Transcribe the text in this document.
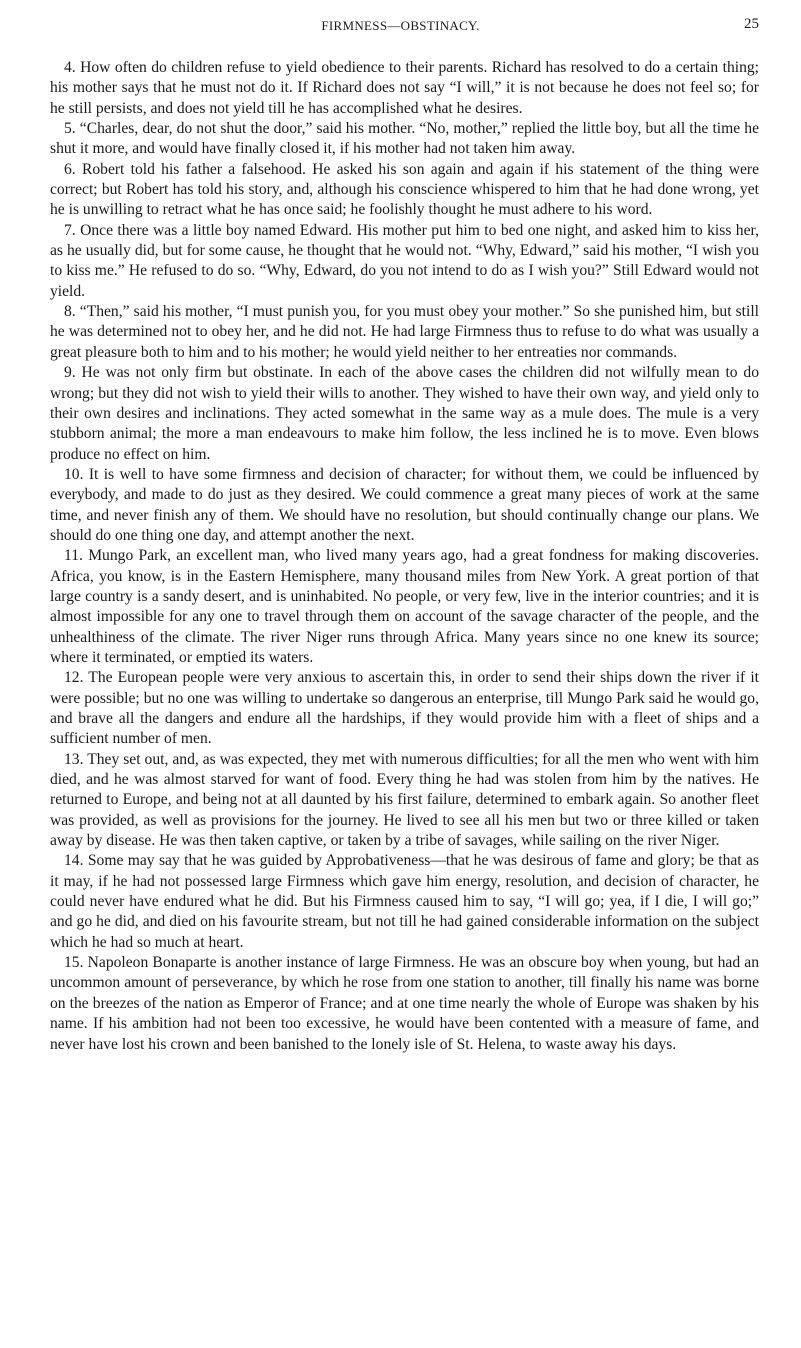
FIRMNESS—OBSTINACY.	25

4. How often do children refuse to yield obedience to their parents. Richard has resolved to do a certain thing; his mother says that he must not do it. If Richard does not say “I will,” it is not because he does not feel so; for he still persists, and does not yield till he has accomplished what he desires.

5. “Charles, dear, do not shut the door,” said his mother. “No, mother,” replied the little boy, but all the time he shut it more, and would have finally closed it, if his mother had not taken him away.

6. Robert told his father a falsehood. He asked his son again and again if his statement of the thing were correct; but Robert has told his story, and, although his conscience whispered to him that he had done wrong, yet he is unwilling to retract what he has once said; he foolishly thought he must adhere to his word.

7. Once there was a little boy named Edward. His mother put him to bed one night, and asked him to kiss her, as he usually did, but for some cause, he thought that he would not. “Why, Edward,” said his mother, “I wish you to kiss me.” He refused to do so. “Why, Edward, do you not intend to do as I wish you?” Still Edward would not yield.

8. “Then,” said his mother, “I must punish you, for you must obey your mother.” So she punished him, but still he was determined not to obey her, and he did not. He had large Firmness thus to refuse to do what was usually a great pleasure both to him and to his mother; he would yield neither to her entreaties nor commands.

9. He was not only firm but obstinate. In each of the above cases the children did not wilfully mean to do wrong; but they did not wish to yield their wills to another. They wished to have their own way, and yield only to their own desires and inclinations. They acted somewhat in the same way as a mule does. The mule is a very stubborn animal; the more a man endeavours to make him follow, the less inclined he is to move. Even blows produce no effect on him.

10. It is well to have some firmness and decision of character; for without them, we could be influenced by everybody, and made to do just as they desired. We could commence a great many pieces of work at the same time, and never finish any of them. We should have no resolution, but should continually change our plans. We should do one thing one day, and attempt another the next.

11. Mungo Park, an excellent man, who lived many years ago, had a great fondness for making discoveries. Africa, you know, is in the Eastern Hemisphere, many thousand miles from New York. A great portion of that large country is a sandy desert, and is uninhabited. No people, or very few, live in the interior countries; and it is almost impossible for any one to travel through them on account of the savage character of the people, and the unhealthiness of the climate. The river Niger runs through Africa. Many years since no one knew its source; where it terminated, or emptied its waters.

12. The European people were very anxious to ascertain this, in order to send their ships down the river if it were possible; but no one was willing to undertake so dangerous an enterprise, till Mungo Park said he would go, and brave all the dangers and endure all the hardships, if they would provide him with a fleet of ships and a sufficient number of men.

13. They set out, and, as was expected, they met with numerous difficulties; for all the men who went with him died, and he was almost starved for want of food. Every thing he had was stolen from him by the natives. He returned to Europe, and being not at all daunted by his first failure, determined to embark again. So another fleet was provided, as well as provisions for the journey. He lived to see all his men but two or three killed or taken away by disease. He was then taken captive, or taken by a tribe of savages, while sailing on the river Niger.

14. Some may say that he was guided by Approbativeness—that he was desirous of fame and glory; be that as it may, if he had not possessed large Firmness which gave him energy, resolution, and decision of character, he could never have endured what he did. But his Firmness caused him to say, “I will go; yea, if I die, I will go;” and go he did, and died on his favourite stream, but not till he had gained considerable information on the subject which he had so much at heart.

15. Napoleon Bonaparte is another instance of large Firmness. He was an obscure boy when young, but had an uncommon amount of perseverance, by which he rose from one station to another, till finally his name was borne on the breezes of the nation as Emperor of France; and at one time nearly the whole of Europe was shaken by his name. If his ambition had not been too excessive, he would have been contented with a measure of fame, and never have lost his crown and been banished to the lonely isle of St. Helena, to waste away his days.
